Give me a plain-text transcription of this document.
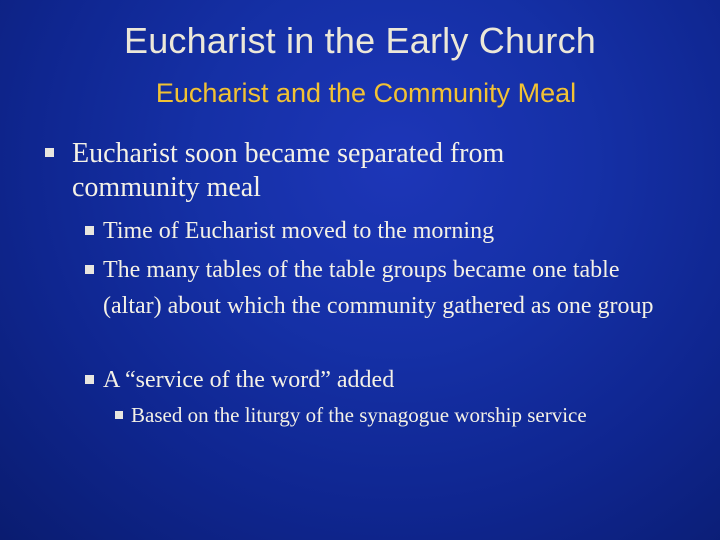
Eucharist in the Early Church
Eucharist and the Community Meal
Eucharist soon became separated from community meal
Time of Eucharist moved to the morning
The many tables of the table groups became one table (altar) about which the community gathered as one group
A “service of the word” added
Based on the liturgy of the synagogue worship service
